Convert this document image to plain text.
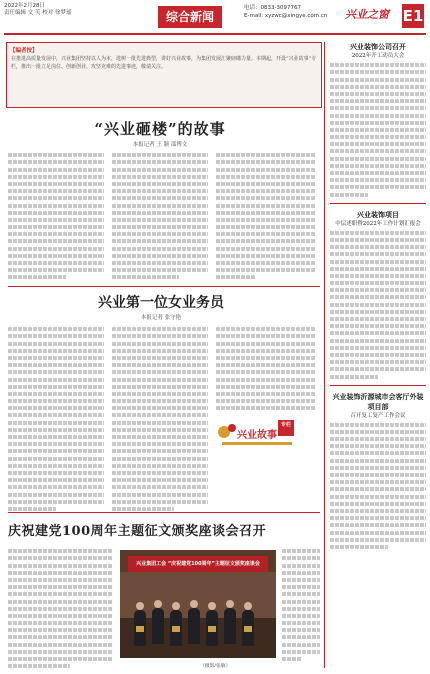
2022年2月28日
责任编辑 文 芙 校对 徐梦瑶	综合新闻
电话：0833-3097767
E-mail: xyzwc@xingye.com.cn	兴业之窗 E1
【编者按】
在推进高质量发展中，兴业集团坚持以人为本，选树一批先进典型，讲好兴业故事，为集团发展汇聚磅礴力量。本期起，开设“兴业故事”专栏，推出一批立足岗位、创新创业、攻坚克难的先进事迹，敬请关注。
“兴业砸楼”的故事
本报记者 王 颖 邵博文
兴业第一位女业务员
本报记者 张守艳
兴业故事
专栏
庆祝建党100周年主题征文颁奖座谈会召开
兴业集团工会 “庆祝建党100周年”主题征文颁奖座谈会
（摄影/张敏）
兴业装饰公司召开
2022年开工动员大会
兴业装饰项目
中层述职暨2022年工作计划汇报会
兴业装饰沂源城市会客厅外装项目部
召开复工复产工作会议
